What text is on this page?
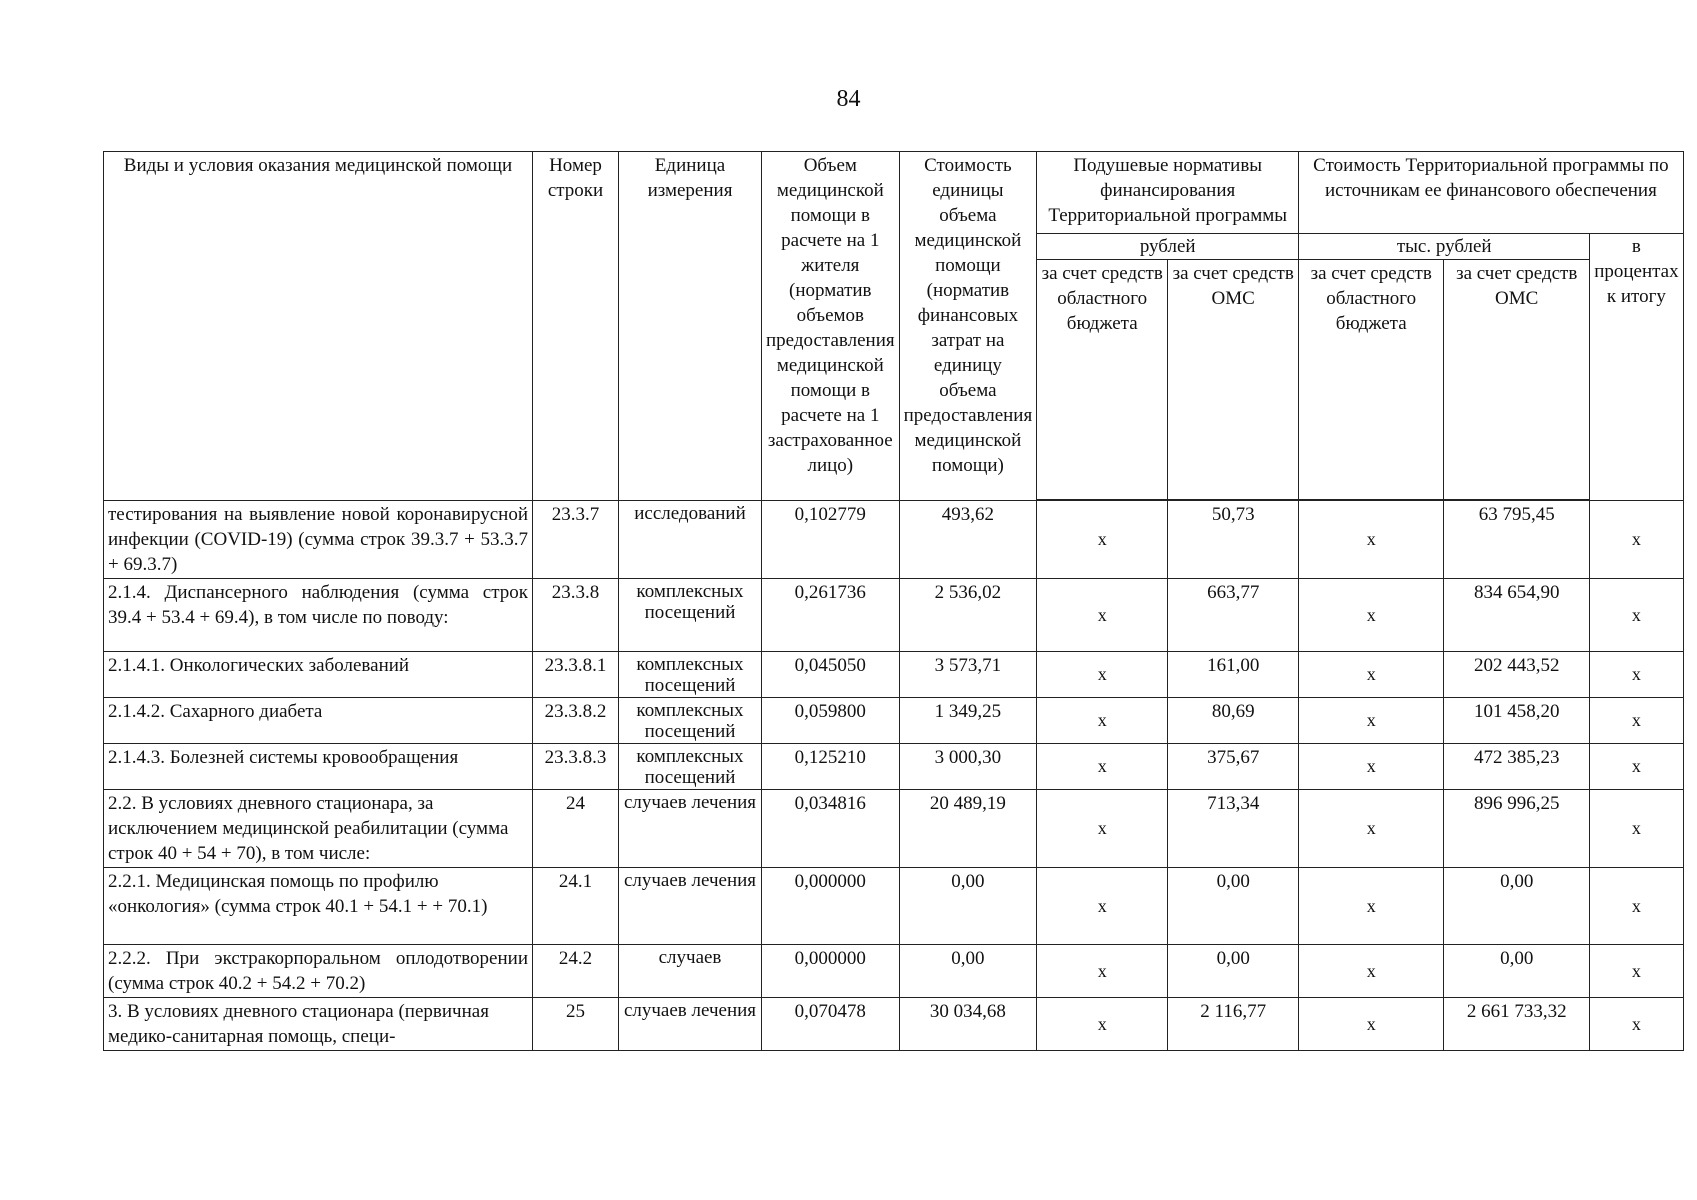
84
Виды и условия оказания медицинской помощи	Номер строки	Единица измерения	Объем медицинской помощи в расчете на 1 жителя (норматив объемов предоставления медицинской помощи в расчете на 1 застрахованное лицо)	Стоимость единицы объема медицинской помощи (норматив финансовых затрат на единицу объема предоставления медицинской помощи)	Подушевые нормативы финансирования Территориальной программы		Стоимость Территориальной программы по источникам ее финансового обеспечения		
					рублей		тыс. рублей		в процентах к итогу
					за счет средств областного бюджета	за счет средств ОМС	за счет средств областного бюджета	за счет средств ОМС	

тестирования на выявление новой коронавирусной инфекции (COVID-19) (сумма строк 39.3.7 + 53.3.7 + 69.3.7)	23.3.7	исследований	0,102779	493,62	х	50,73	х	63 795,45	х
2.1.4. Диспансерного наблюдения (сумма строк 39.4 + 53.4 + 69.4), в том числе по поводу:	23.3.8	комплексных посещений	0,261736	2 536,02	х	663,77	х	834 654,90	х
2.1.4.1. Онкологических заболеваний	23.3.8.1	комплексных посещений	0,045050	3 573,71	х	161,00	х	202 443,52	х
2.1.4.2. Сахарного диабета	23.3.8.2	комплексных посещений	0,059800	1 349,25	х	80,69	х	101 458,20	х
2.1.4.3. Болезней системы кровообращения	23.3.8.3	комплексных посещений	0,125210	3 000,30	х	375,67	х	472 385,23	х
2.2. В условиях дневного стационара, за исключением медицинской реабилитации (сумма строк 40 + 54 + 70), в том числе:	24	случаев лечения	0,034816	20 489,19	х	713,34	х	896 996,25	х
2.2.1. Медицинская помощь по профилю «онкология» (сумма строк 40.1 + 54.1 + + 70.1)	24.1	случаев лечения	0,000000	0,00	х	0,00	х	0,00	х
2.2.2. При экстракорпоральном оплодотворении (сумма строк 40.2 + 54.2 + 70.2)	24.2	случаев	0,000000	0,00	х	0,00	х	0,00	х
3. В условиях дневного стационара (первичная медико-санитарная помощь, специ-	25	случаев лечения	0,070478	30 034,68	х	2 116,77	х	2 661 733,32	х
